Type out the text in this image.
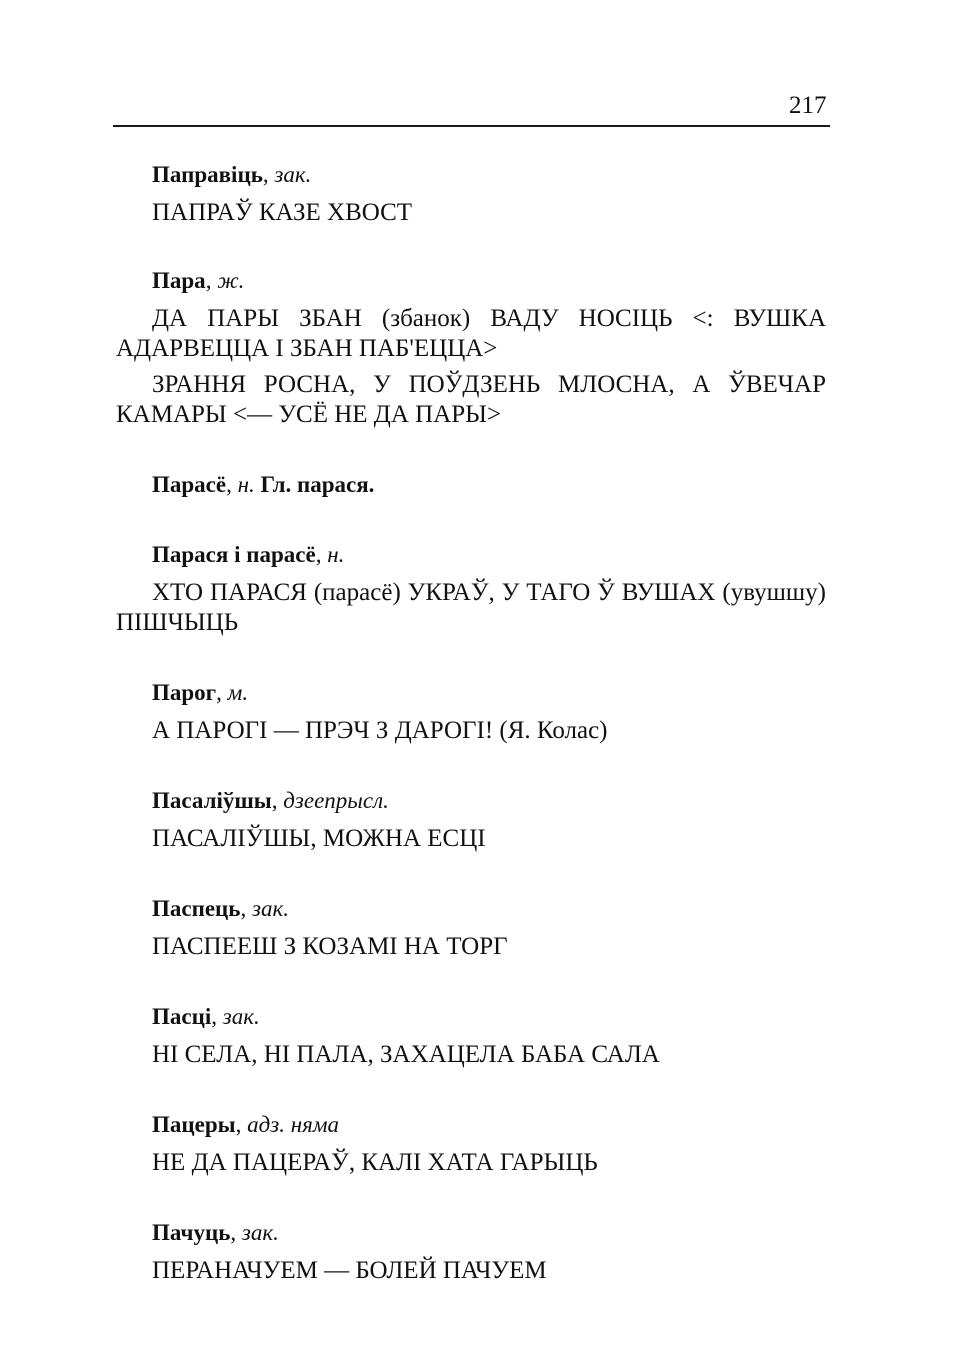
217
Паправіць, зак.

ПАПРАЎ КАЗЕ ХВОСТ

Пара, ж.

ДА ПАРЫ ЗБАН (збанок) ВАДУ НОСІЦЬ <: ВУШКА АДАРВЕЦЦА І ЗБАН ПАБ'ЕЦЦА>

ЗРАННЯ РОСНА, У ПОЎДЗЕНЬ МЛОСНА, А ЎВЕЧАР КАМАРЫ <— УСЁ НЕ ДА ПАРЫ>

Парасё, н. Гл. парася.
Парася і парасё, н.

ХТО ПАРАСЯ (парасё) УКРАЎ, У ТАГО Ў ВУШАХ (увушшу) ПІШЧЫЦЬ

Парог, м.

А ПАРОГІ — ПРЭЧ З ДАРОГІ! (Я. Колас)

Пасаліўшы, дзеепрысл.

ПАСАЛІЎШЫ, МОЖНА ЕСЦІ

Паспець, зак.

ПАСПЕЕШ З КОЗАМІ НА ТОРГ

Пасці, зак.

НІ СЕЛА, НІ ПАЛА, ЗАХАЦЕЛА БАБА САЛА

Пацеры, адз. няма

НЕ ДА ПАЦЕРАЎ, КАЛІ ХАТА ГАРЫЦЬ

Пачуць, зак.

ПЕРАНАЧУЕМ — БОЛЕЙ ПАЧУЕМ
